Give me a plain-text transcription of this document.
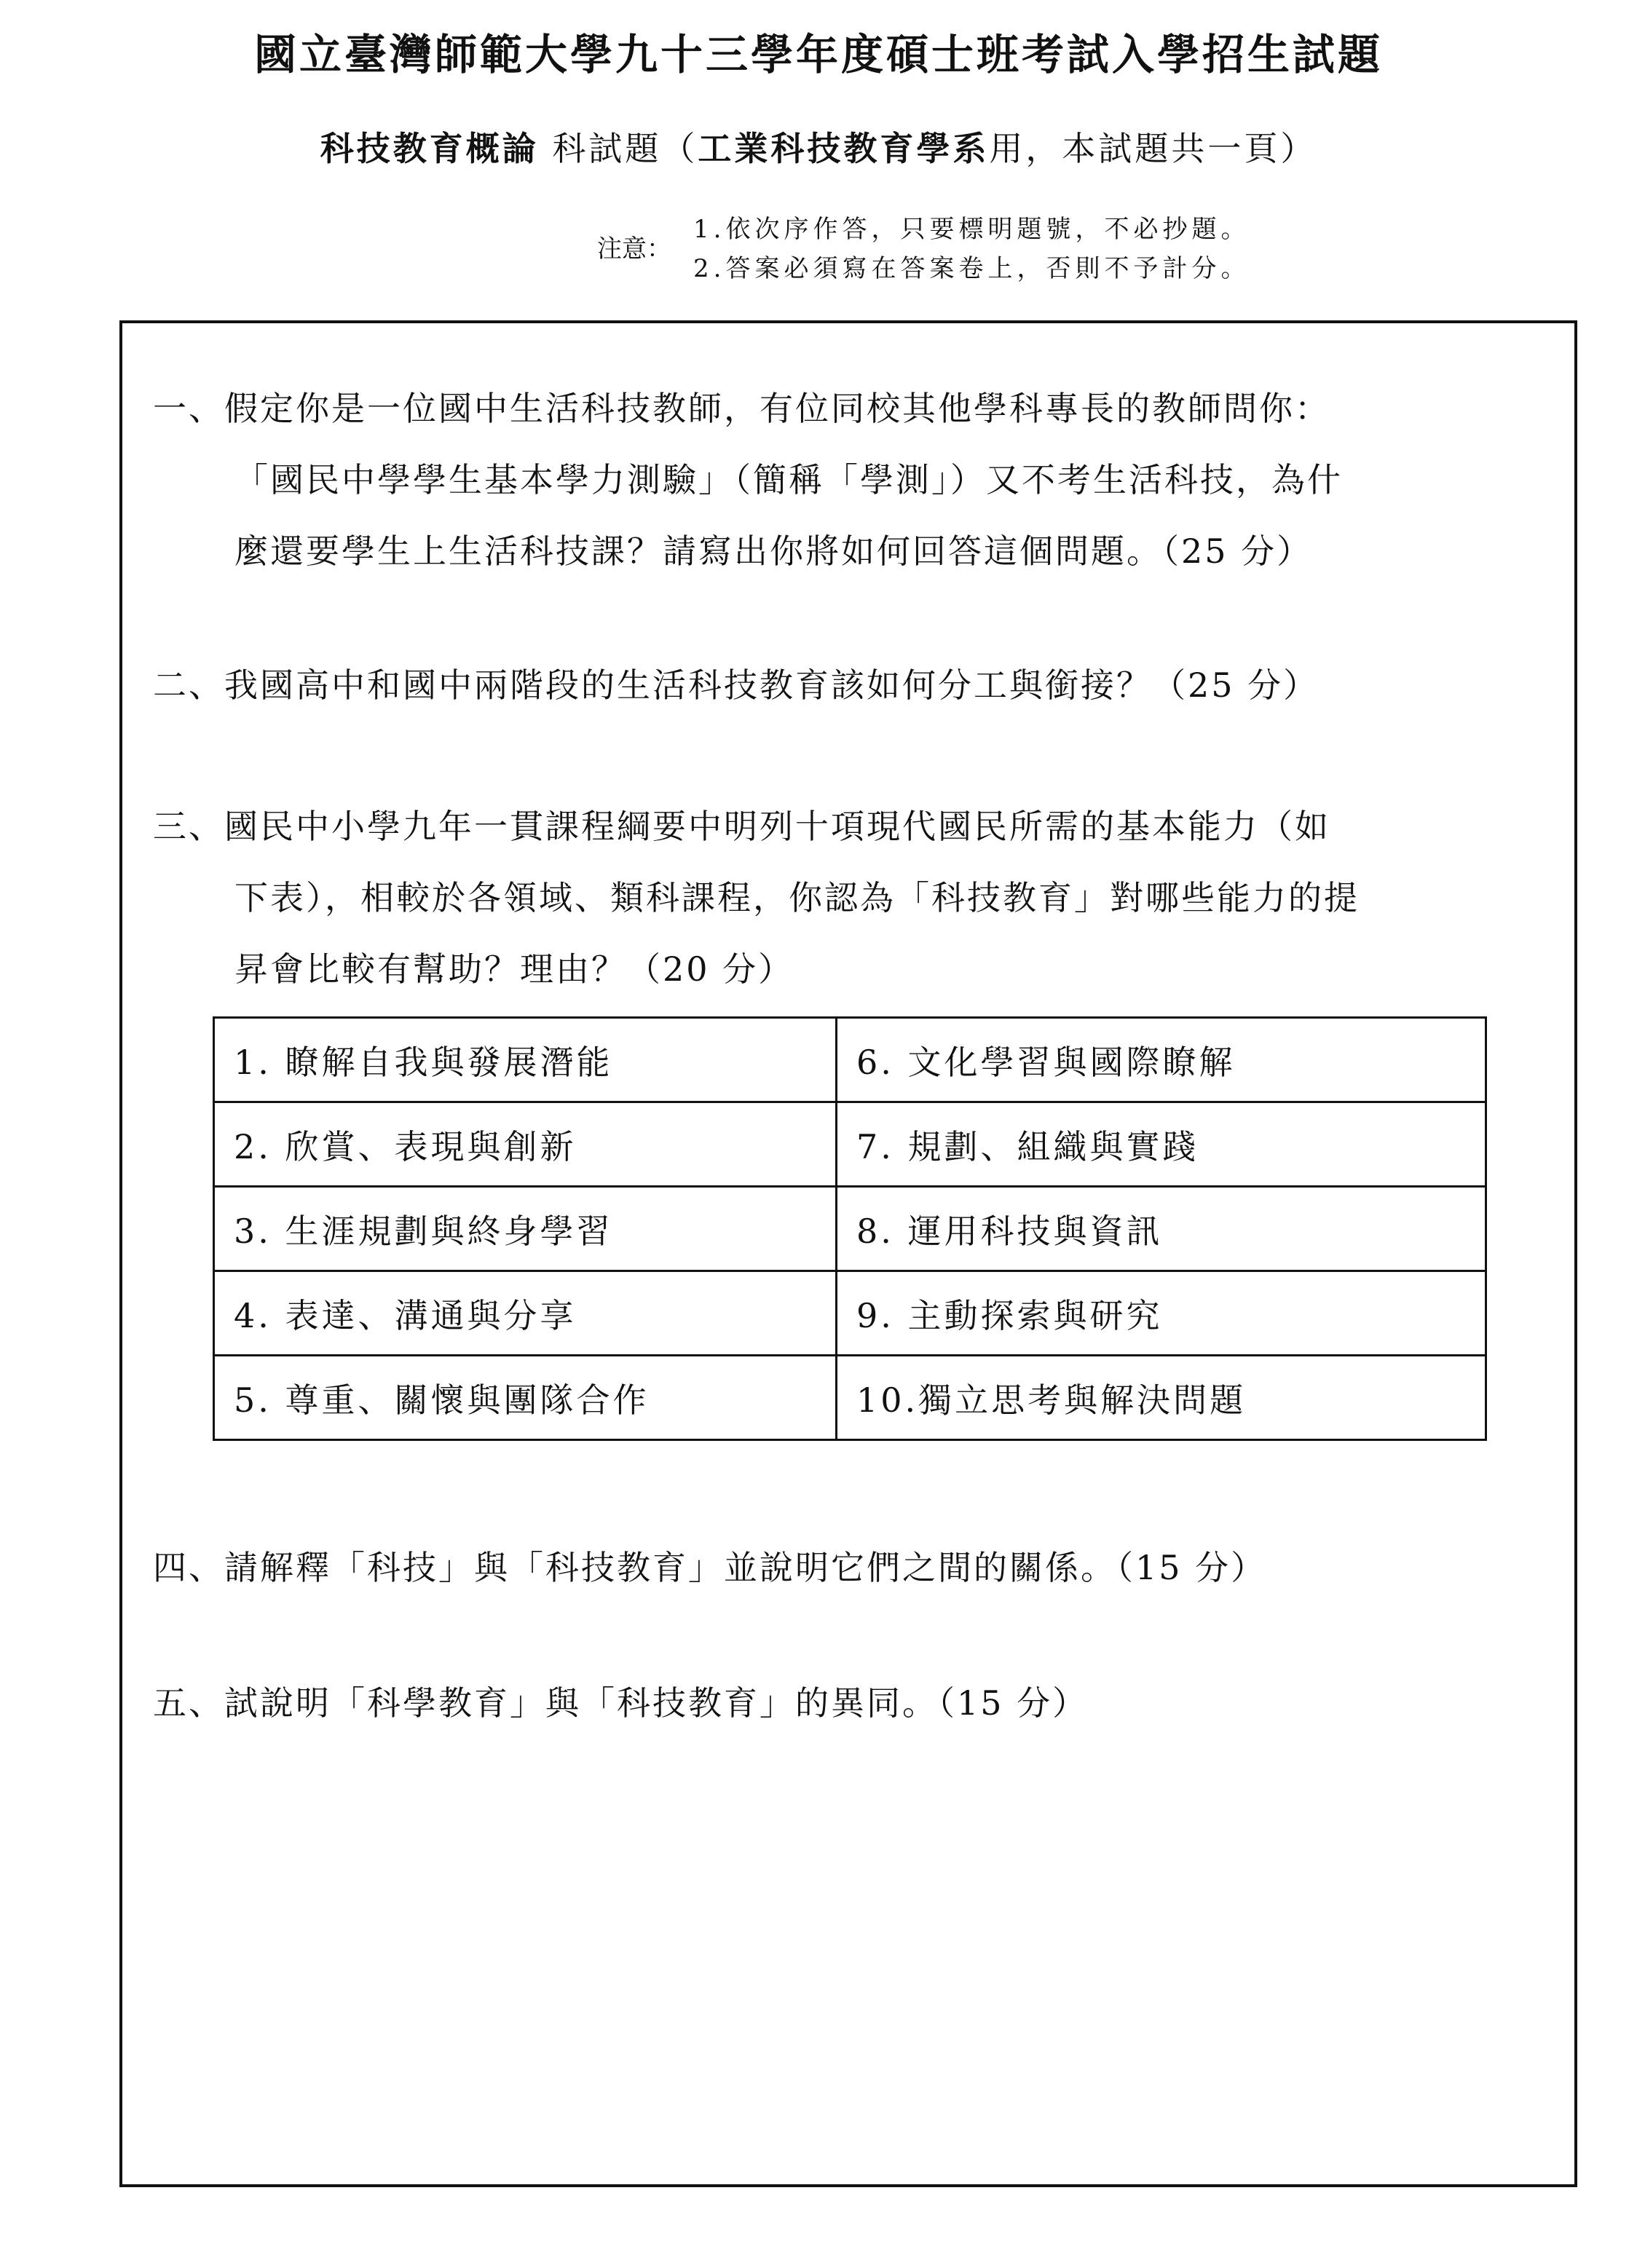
國立臺灣師範大學九十三學年度碩士班考試入學招生試題
科技教育概論 科試題（工業科技教育學系用，本試題共一頁）
注意：
1.依次序作答，只要標明題號，不必抄題。
2.答案必須寫在答案卷上，否則不予計分。
一、假定你是一位國中生活科技教師，有位同校其他學科專長的教師問你：
「國民中學學生基本學力測驗」（簡稱「學測」）又不考生活科技，為什
麼還要學生上生活科技課？請寫出你將如何回答這個問題。（25 分）
二、我國高中和國中兩階段的生活科技教育該如何分工與銜接？（25 分）
三、國民中小學九年一貫課程綱要中明列十項現代國民所需的基本能力（如
下表），相較於各領域、類科課程，你認為「科技教育」對哪些能力的提
昇會比較有幫助？理由？（20 分）
1. 瞭解自我與發展潛能	6. 文化學習與國際瞭解
2. 欣賞、表現與創新	7. 規劃、組織與實踐
3. 生涯規劃與終身學習	8. 運用科技與資訊
4. 表達、溝通與分享	9. 主動探索與研究
5. 尊重、關懷與團隊合作	10.獨立思考與解決問題
四、請解釋「科技」與「科技教育」並說明它們之間的關係。（15 分）
五、試說明「科學教育」與「科技教育」的異同。（15 分）
